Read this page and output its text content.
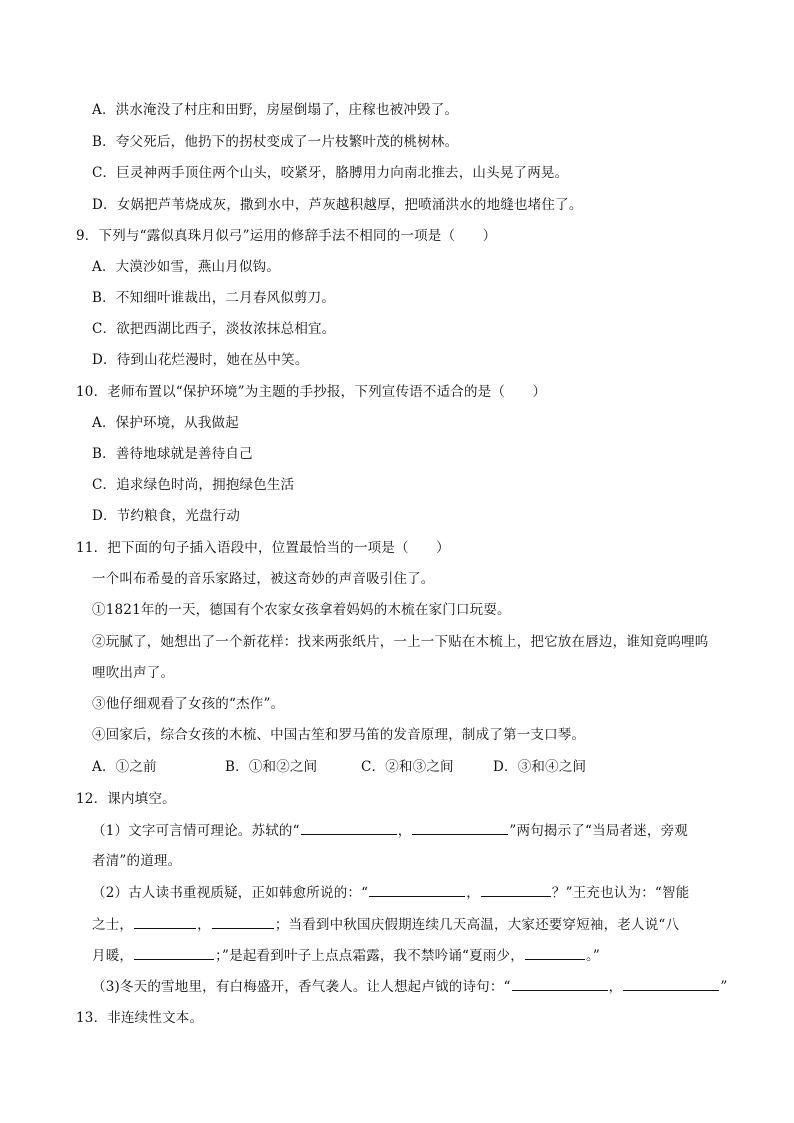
A．洪水淹没了村庄和田野，房屋倒塌了，庄稼也被冲毁了。
B．夸父死后，他扔下的拐杖变成了一片枝繁叶茂的桃树林。
C．巨灵神两手顶住两个山头，咬紧牙，胳膊用力向南北推去，山头晃了两晃。
D．女娲把芦苇烧成灰，撒到水中，芦灰越积越厚，把喷涌洪水的地缝也堵住了。
9．下列与“露似真珠月似弓”运用的修辞手法不相同的一项是（　　）
A．大漠沙如雪，燕山月似钩。
B．不知细叶谁裁出，二月春风似剪刀。
C．欲把西湖比西子，淡妆浓抹总相宜。
D．待到山花烂漫时，她在丛中笑。
10．老师布置以“保护环境”为主题的手抄报，下列宣传语不适合的是（　　）
A．保护环境，从我做起
B．善待地球就是善待自己
C．追求绿色时尚，拥抱绿色生活
D．节约粮食，光盘行动
11．把下面的句子插入语段中，位置最恰当的一项是（　　）
一个叫布希曼的音乐家路过，被这奇妙的声音吸引住了。
①1821年的一天，德国有个农家女孩拿着妈妈的木梳在家门口玩耍。
②玩腻了，她想出了一个新花样：找来两张纸片，一上一下贴在木梳上，把它放在唇边，谁知竟呜哩呜
哩吹出声了。
③他仔细观看了女孩的“杰作”。
④回家后，综合女孩的木梳、中国古笙和罗马笛的发音原理，制成了第一支口琴。
A．①之前	B．①和②之间	C．②和③之间	D．③和④之间
12．课内填空。
（1）文字可言情可理论。苏轼的“	，	”两句揭示了“当局者迷，旁观
者清”的道理。
（2）古人读书重视质疑，正如韩愈所说的：“	，	？”王充也认为：“智能
之士，	，	；当看到中秋国庆假期连续几天高温，大家还要穿短袖，老人说“八
月暖，	；”是起看到叶子上点点霜露，我不禁吟诵“夏雨少，	。”
（3)冬天的雪地里，有白梅盛开，香气袭人。让人想起卢钺的诗句：“	，	”
13．非连续性文本。
